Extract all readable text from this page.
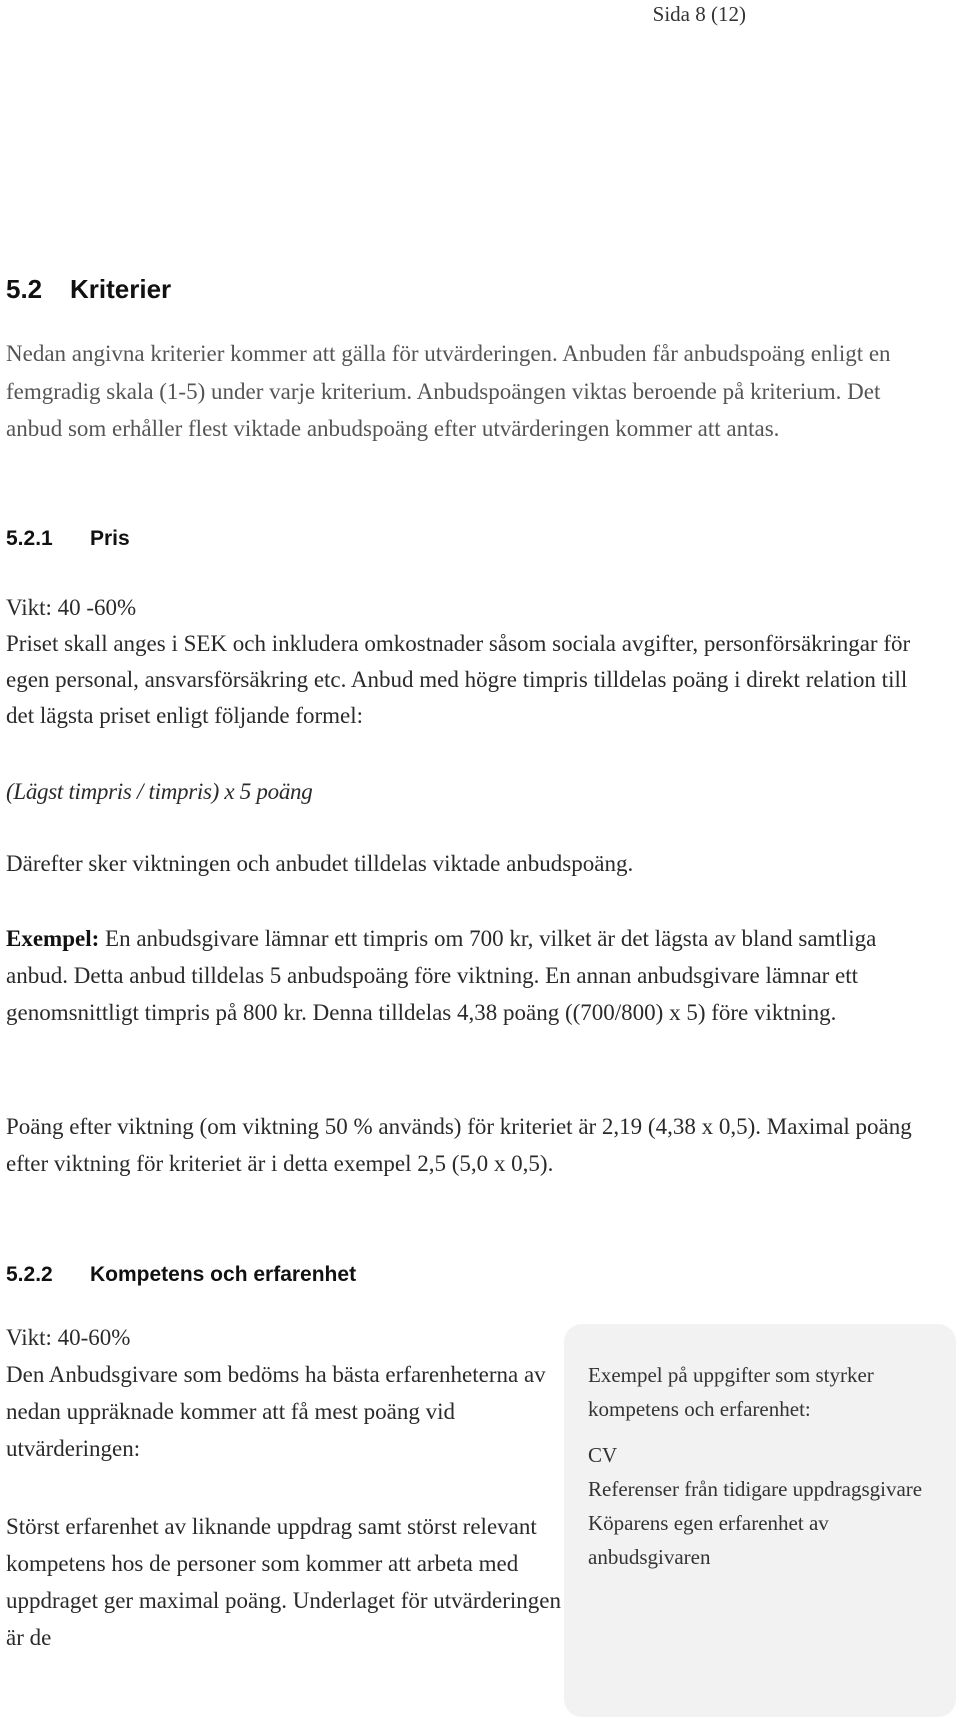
Sida 8 (12)
5.2 Kriterier

Nedan angivna kriterier kommer att gälla för utvärderingen. Anbuden får anbudspoäng enligt en femgradig skala (1-5) under varje kriterium. Anbudspoängen viktas beroende på kriterium. Det anbud som erhåller flest viktade anbudspoäng efter utvärderingen kommer att antas.

5.2.1 Pris

Vikt: 40 -60%

Priset skall anges i SEK och inkludera omkostnader såsom sociala avgifter, personförsäkringar för egen personal, ansvarsförsäkring etc. Anbud med högre timpris tilldelas poäng i direkt relation till det lägsta priset enligt följande formel:

(Lägst timpris / timpris) x 5 poäng

Därefter sker viktningen och anbudet tilldelas viktade anbudspoäng.

Exempel: En anbudsgivare lämnar ett timpris om 700 kr, vilket är det lägsta av bland samtliga anbud. Detta anbud tilldelas 5 anbudspoäng före viktning. En annan anbudsgivare lämnar ett genomsnittligt timpris på 800 kr. Denna tilldelas 4,38 poäng ((700/800) x 5) före viktning.

Poäng efter viktning (om viktning 50 % används) för kriteriet är 2,19 (4,38 x 0,5). Maximal poäng efter viktning för kriteriet är i detta exempel 2,5 (5,0 x 0,5).

5.2.2 Kompetens och erfarenhet

Vikt: 40-60%

Den Anbudsgivare som bedöms ha bästa erfarenheterna av nedan uppräknade kommer att få mest poäng vid utvärderingen:

Störst erfarenhet av liknande uppdrag samt störst relevant kompetens hos de personer som kommer att arbeta med uppdraget ger maximal poäng. Underlaget för utvärderingen är de

Exempel på uppgifter som styrker kompetens och erfarenhet:
CV
Referenser från tidigare uppdragsgivare
Köparens egen erfarenhet av anbudsgivaren
